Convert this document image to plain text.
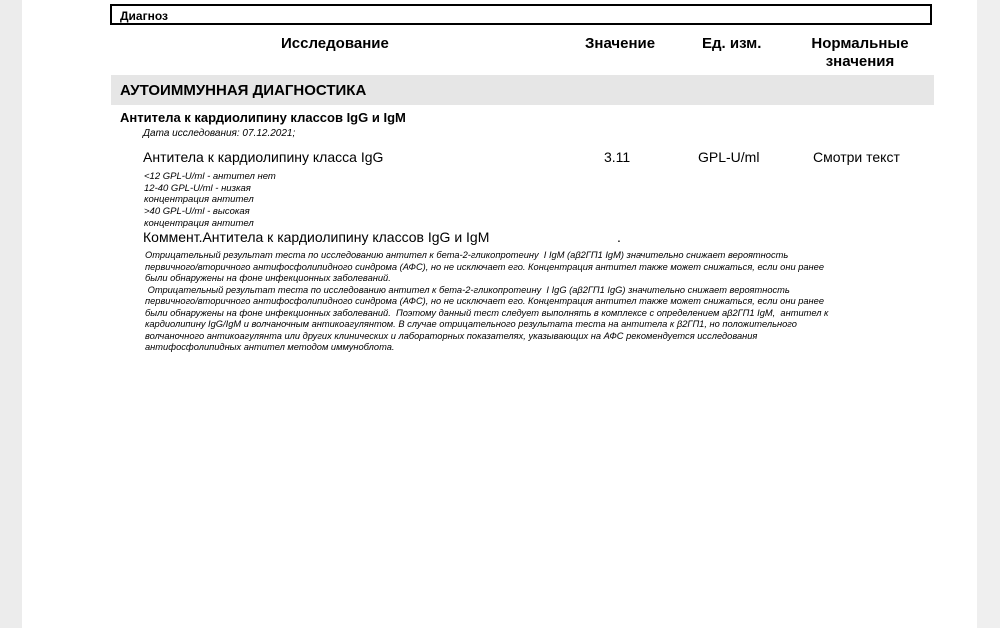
Диагноз
Исследование	Значение	Ед. изм.	Нормальные значения
АУТОИММУННАЯ ДИАГНОСТИКА
Антитела к кардиолипину классов IgG и IgM
Дата исследования: 07.12.2021;
Антитела к кардиолипину класса IgG	3.11	GPL-U/ml	Смотри текст
<12 GPL-U/ml - антител нет
12-40 GPL-U/ml - низкая
концентрация антител
>40 GPL-U/ml - высокая
концентрация антител
Коммент.Антитела к кардиолипину классов IgG и IgM	.

Отрицательный результат теста по исследованию антител к бета-2-гликопротеину  I IgM (аβ2ГП1 IgM) значительно снижает вероятность

первичного/вторичного антифосфолипидного синдрома (АФС), но не исключает его. Концентрация антител также может снижаться, если они ранее

были обнаружены на фоне инфекционных заболеваний.

Отрицательный результат теста по исследованию антител к бета-2-гликопротеину  I IgG (аβ2ГП1 IgG) значительно снижает вероятность

первичного/вторичного антифосфолипидного синдрома (АФС), но не исключает его. Концентрация антител также может снижаться, если они ранее

были обнаружены на фоне инфекционных заболеваний.  Поэтому данный тест следует выполнять в комплексе с определением аβ2ГП1 IgM,  антител к

кардиолипину IgG/IgM и волчаночным антикоагулянтом. В случае отрицательного результата теста на антитела к β2ГП1, но положительного

волчаночного антикоагулянта или других клинических и лабораторных показателях, указывающих на АФС рекомендуется исследования

антифосфолипидных антител методом иммуноблота.
